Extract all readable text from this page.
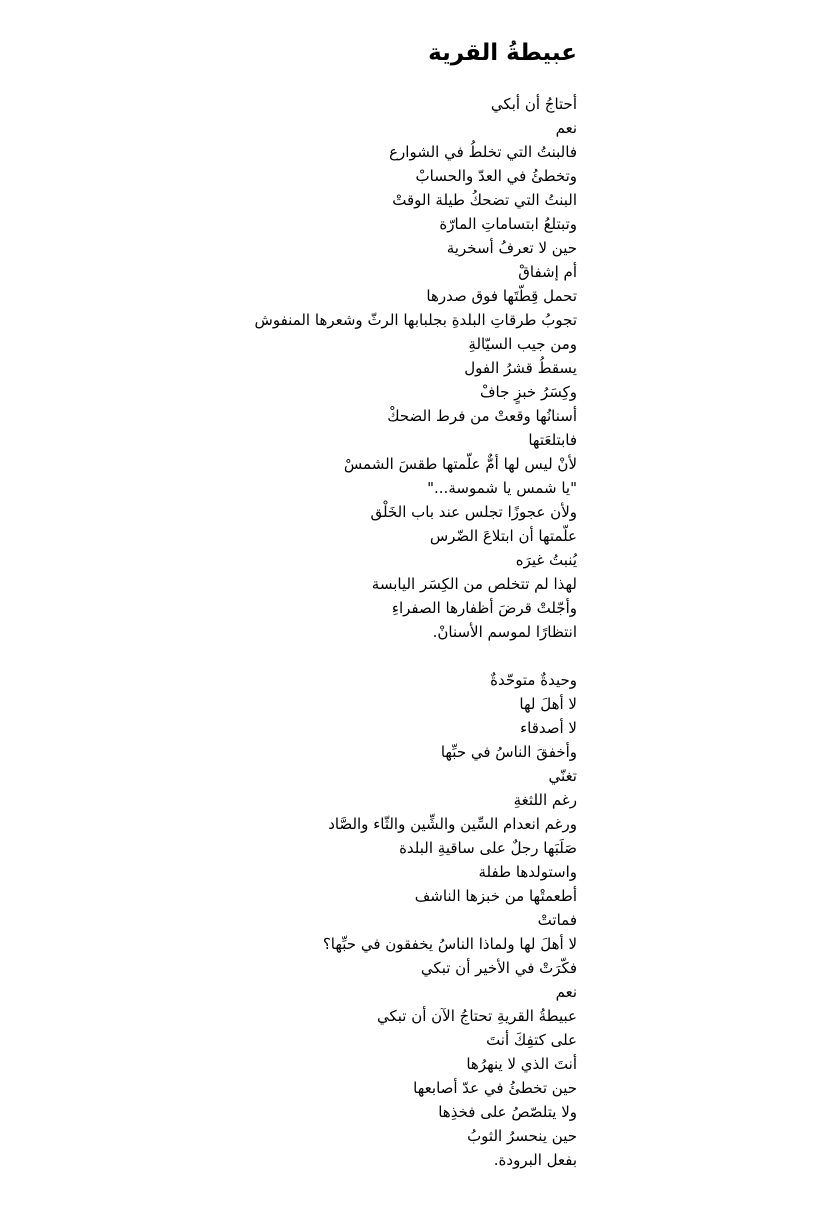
عبيطةُ القرية
أحتاجُ أن أبكي
نعم
فالبنتُ التي تخلطُ في الشوارع
وتخطئُ في العدّ والحسابْ
البنتُ التي تضحكُ طيلة الوقتْ
وتبتلعُ ابتساماتِ المارّة
حين لا تعرفُ أسخرية
أم إشفاقْ
تحمل قِطّتَها فوق صدرها
تجوبُ طرقاتِ البلدةِ بجلبابها الرثّ وشعرها المنفوش
ومن جيب السيّالةِ
يسقطُ قشرُ الفول
وكِسَرُ خبزٍ جافْ
أسنانُها وقعتْ من فرط الضحكْ
فابتلعَتها
لأنْ ليس لها أمٌّ علّمتها طقسَ الشمسْ
"يا شمس يا شموسة..."
ولأن عجوزًا تجلس عند باب الخَلْق
علّمتها أن ابتلاعَ الضّرس
يُنبتُ غيرَه
لهذا لم تتخلص من الكِسَر اليابسة
وأجّلتْ قرضَ أظفارها الصفراءِ
انتظارًا لموسم الأسنانْ.
وحيدةٌ متوحّدةٌ
لا أهلَ لها
لا أصدقاء
وأخفقَ الناسُ في حبِّها
تغنّي
رغم اللثغةِ
ورغم انعدام السِّين والشِّين والثّاء والصَّاد
صَلَبَها رجلٌ على ساقيةِ البلدة
واستولدها طفلة
أطعمتْها من خبزها الناشف
فماتتْ
لا أهلَ لها ولماذا الناسُ يخفقون في حبِّها؟
فكّرَتْ في الأخير أن تبكي
نعم
عبيطةُ القريةِ تحتاجُ الآن أن تبكي
على كتفِكَ أنتَ
أنتَ الذي لا ينهرُها
حين تخطئُ في عدّ أصابعها
ولا يتلصّصُ على فخذِها
حين ينحسرُ الثوبُ
بفعل البرودة.
